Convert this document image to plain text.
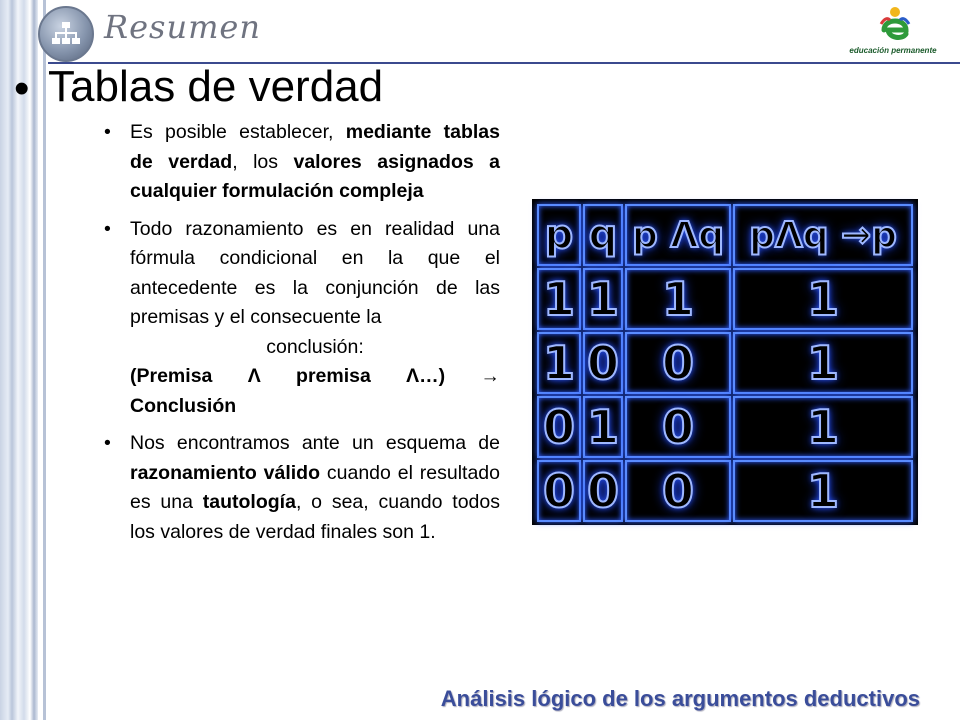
Resumen
educación permanente
• Tablas de verdad
• Es posible establecer, mediante tablas de verdad, los valores asignados a cualquier formulación compleja
• Todo razonamiento es en realidad una fórmula condicional en la que el antecedente es la conjunción de las premisas y el consecuente la
conclusión:
(Premisa Λ premisa Λ…) →
Conclusión
• Nos encontramos ante un esquema de razonamiento válido cuando el resultado es una tautología, o sea, cuando todos los valores de verdad finales son 1.
p q p Λq pΛq →p
1 1 1 1
1 0 0 1
0 1 0 1
0 0 0 1
Análisis lógico de los argumentos deductivos
